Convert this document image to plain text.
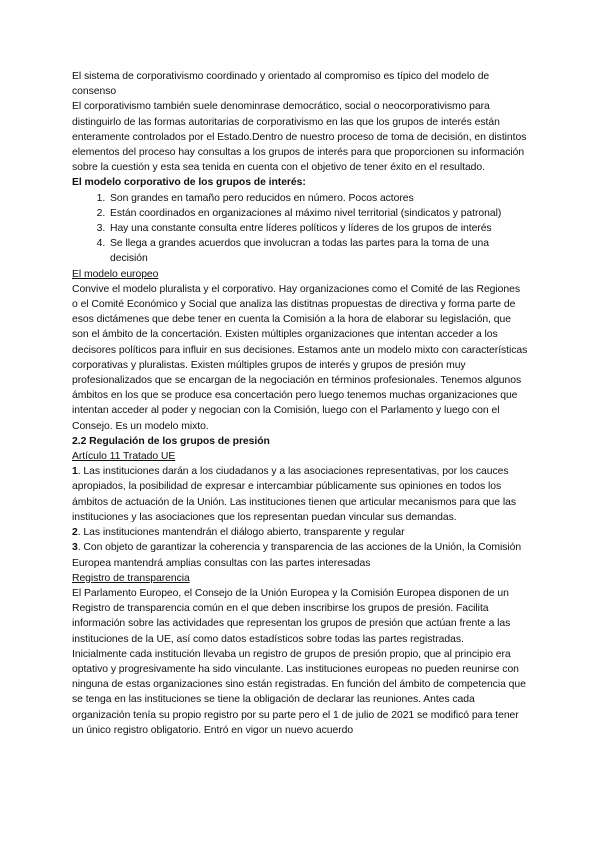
El sistema de corporativismo coordinado y orientado al compromiso es típico del modelo de consenso

El corporativismo también suele denominrase democrático, social o neocorporativismo para distinguirlo de las formas autoritarias de corporativismo en las que los grupos de interés están enteramente controlados por el Estado.Dentro de nuestro proceso de toma de decisión, en distintos elementos del proceso hay consultas a los grupos de interés para que proporcionen su información sobre la cuestión y esta sea tenida en cuenta con el objetivo de tener éxito en el resultado.

El modelo corporativo de los grupos de interés:

1. Son grandes en tamaño pero reducidos en número. Pocos actores
2. Están coordinados en organizaciones al máximo nivel territorial (sindicatos y patronal)
3. Hay una constante consulta entre líderes políticos y líderes de los grupos de interés
4. Se llega a grandes acuerdos que involucran a todas las partes para la toma de una decisión

El modelo europeo

Convive el modelo pluralista y el corporativo. Hay organizaciones como el Comité de las Regiones o el Comité Económico y Social que analiza las distitnas propuestas de directiva y forma parte de esos dictámenes que debe tener en cuenta la Comisión a la hora de elaborar su legislación, que son el ámbito de la concertación. Existen múltiples organizaciones que intentan acceder a los decisores políticos para influir en sus decisiones. Estamos ante un modelo mixto con características corporativas y pluralistas. Existen múltiples grupos de interés y grupos de presión muy profesionalizados que se encargan de la negociación en términos profesionales. Tenemos algunos ámbitos en los que se produce esa concertación pero luego tenemos muchas organizaciones que intentan acceder al poder y negocian con la Comisión, luego con el Parlamento y luego con el Consejo. Es un modelo mixto.

2.2 Regulación de los grupos de presión

Artículo 11 Tratado UE

1. Las instituciones darán a los ciudadanos y a las asociaciones representativas, por los cauces apropiados, la posibilidad de expresar e intercambiar públicamente sus opiniones en todos los ámbitos de actuación de la Unión. Las instituciones tienen que articular mecanismos para que las instituciones y las asociaciones que los representan puedan vincular sus demandas.

2. Las instituciones mantendrán el diálogo abierto, transparente y regular

3. Con objeto de garantizar la coherencia y transparencia de las acciones de la Unión, la Comisión Europea mantendrá amplias consultas con las partes interesadas

Registro de transparencia

El Parlamento Europeo, el Consejo de la Unión Europea y la Comisión Europea disponen de un Registro de transparencia común en el que deben inscribirse los grupos de presión. Facilita información sobre las actividades que representan los grupos de presión que actúan frente a las instituciones de la UE, así como datos estadísticos sobre todas las partes registradas.

Inicialmente cada institución llevaba un registro de grupos de presión propio, que al principio era optativo y progresivamente ha sido vinculante. Las instituciones europeas no pueden reunirse con ninguna de estas organizaciones sino están registradas. En función del ámbito de competencia que se tenga en las instituciones se tiene la obligación de declarar las reuniones. Antes cada organización tenía su propio registro por su parte pero el 1 de julio de 2021 se modificó para tener un único registro obligatorio. Entró en vigor un nuevo acuerdo
